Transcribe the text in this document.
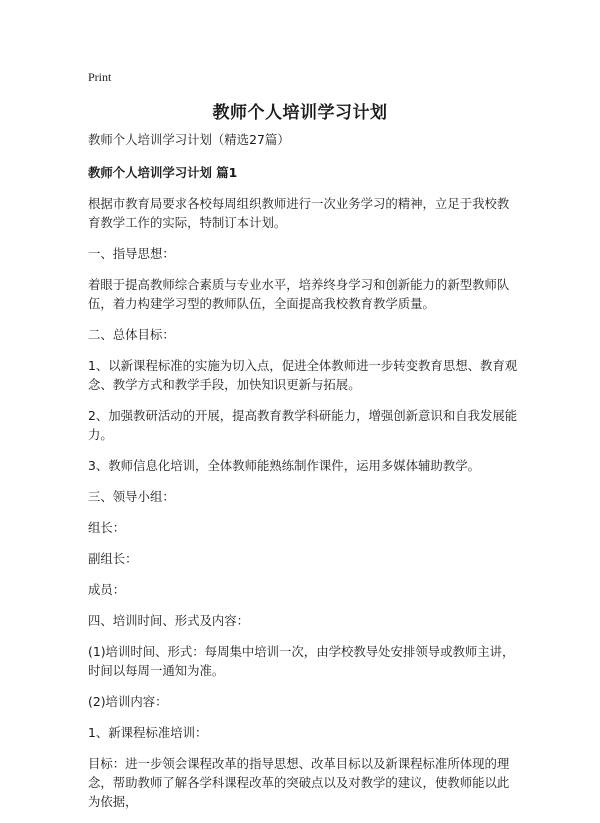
Print
教师个人培训学习计划

教师个人培训学习计划（精选27篇）

教师个人培训学习计划 篇1

根据市教育局要求各校每周组织教师进行一次业务学习的精神，立足于我校教育教学工作的实际，特制订本计划。

一、指导思想：

着眼于提高教师综合素质与专业水平，培养终身学习和创新能力的新型教师队伍，着力构建学习型的教师队伍，全面提高我校教育教学质量。

二、总体目标：

1、以新课程标准的实施为切入点，促进全体教师进一步转变教育思想、教育观念、教学方式和教学手段，加快知识更新与拓展。

2、加强教研活动的开展，提高教育教学科研能力，增强创新意识和自我发展能力。

3、教师信息化培训，全体教师能熟练制作课件，运用多媒体辅助教学。

三、领导小组：

组长：

副组长：

成员：

四、培训时间、形式及内容：

(1)培训时间、形式：每周集中培训一次，由学校教导处安排领导或教师主讲，时间以每周一通知为准。

(2)培训内容：

1、新课程标准培训：

目标：进一步领会课程改革的指导思想、改革目标以及新课程标准所体现的理念，帮助教师了解各学科课程改革的突破点以及对教学的建议，使教师能以此为依据，
